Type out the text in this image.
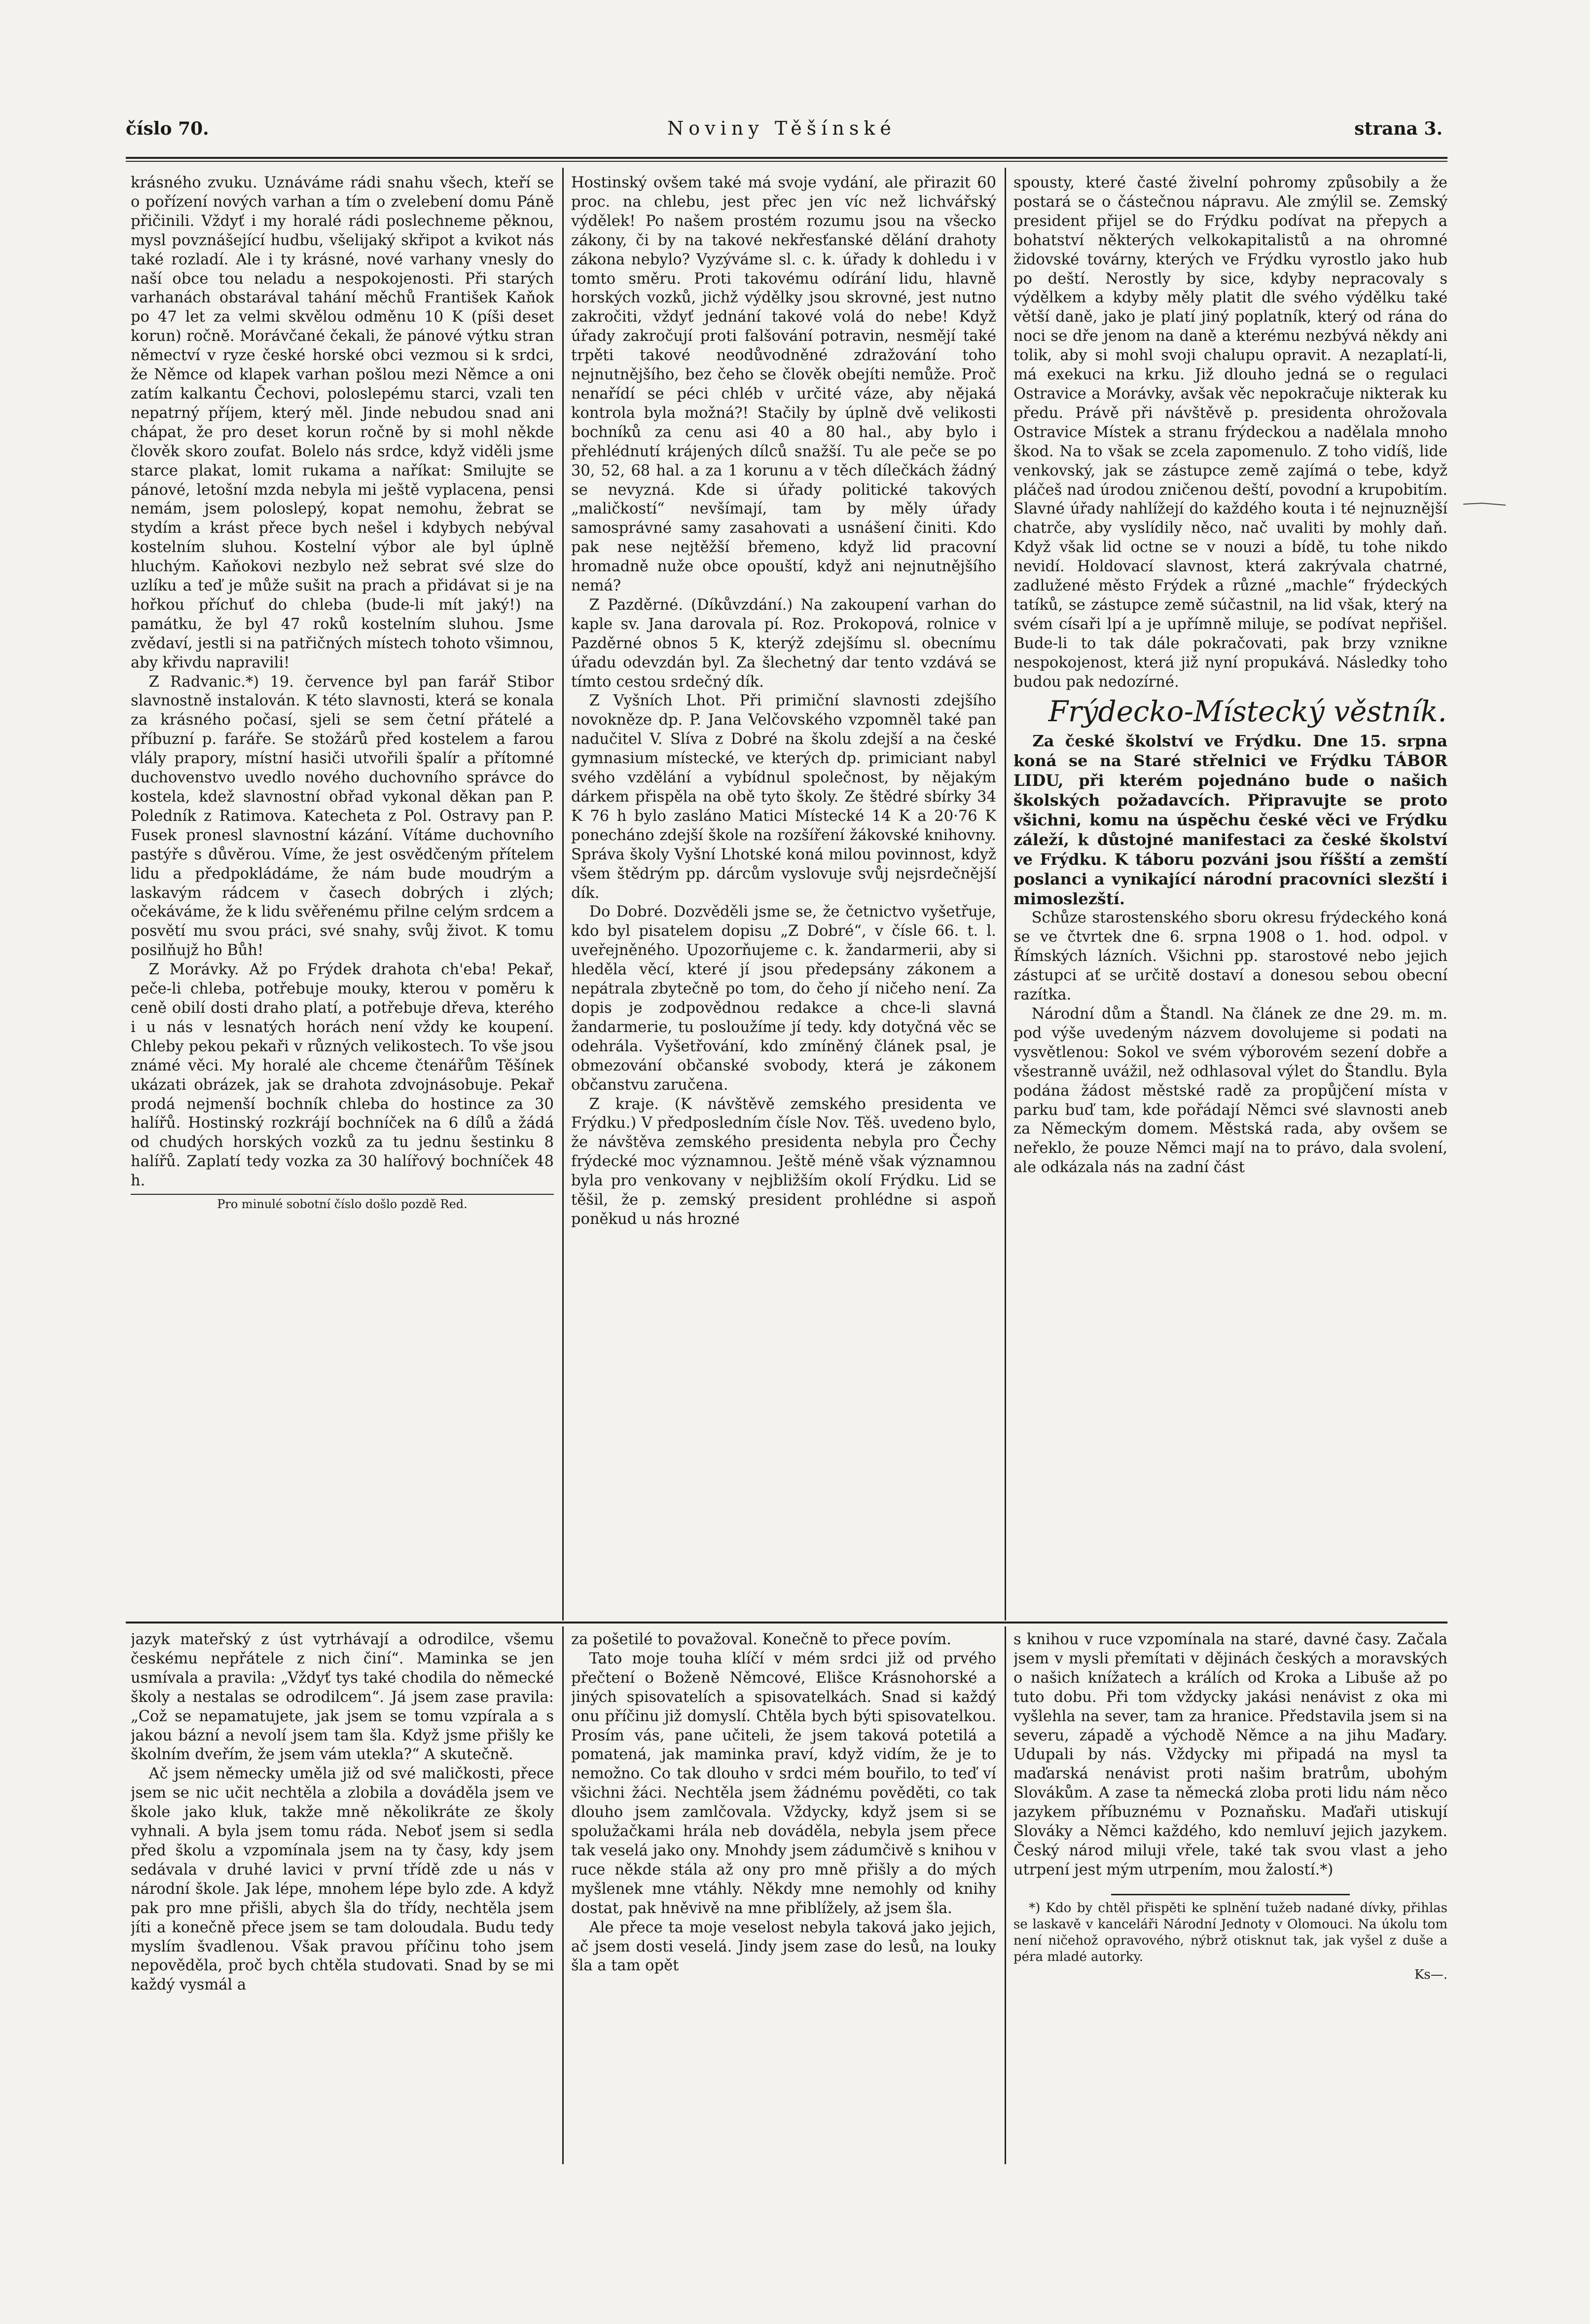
číslo 70.	Noviny Těšínské	strana 3.

krásného zvuku. Uznáváme rádi snahu všech, kteří se o pořízení nových varhan a tím o zvelebení domu Páně přičinili. Vždyť i my horalé rádi poslechneme pěknou, mysl povznášející hudbu, všelijaký skřipot a kvikot nás také rozladí. Ale i ty krásné, nové varhany vnesly do naší obce tou neladu a nespokojenosti. Při starých varhanách obstarával tahání měchů František Kaňok po 47 let za velmi skvělou odměnu 10 K (píši deset korun) ročně. Morávčané čekali, že pánové výtku stran němectví v ryze české horské obci vezmou si k srdci, že Němce od klapek varhan pošlou mezi Němce a oni zatím kalkantu Čechovi, poloslepému starci, vzali ten nepatrný příjem, který měl. Jinde nebudou snad ani chápat, že pro deset korun ročně by si mohl někde člověk skoro zoufat. Bolelo nás srdce, když viděli jsme starce plakat, lomit rukama a naříkat: Smilujte se pánové, letošní mzda nebyla mi ještě vyplacena, pensi nemám, jsem poloslepý, kopat nemohu, žebrat se stydím a krást přece bych nešel i kdybych nebýval kostelním sluhou. Kostelní výbor ale byl úplně hluchým. Kaňokovi nezbylo než sebrat své slze do uzlíku a teď je může sušit na prach a přidávat si je na hořkou příchuť do chleba (bude-li mít jaký!) na památku, že byl 47 roků kostelním sluhou. Jsme zvědaví, jestli si na patřičných místech tohoto všimnou, aby křivdu napravili!

Z Radvanic.*) 19. července byl pan farář Stibor slavnostně instalován. K této slavnosti, která se konala za krásného počasí, sjeli se sem četní přátelé a příbuzní p. faráře. Se stožárů před kostelem a farou vlály prapory, místní hasiči utvořili špalír a přítomné duchovenstvo uvedlo nového duchovního správce do kostela, kdež slavnostní obřad vykonal děkan pan P. Poledník z Ratimova. Katecheta z Pol. Ostravy pan P. Fusek pronesl slavnostní kázání. Vítáme duchovního pastýře s důvěrou. Víme, že jest osvědčeným přítelem lidu a předpokládáme, že nám bude moudrým a laskavým rádcem v časech dobrých i zlých; očekáváme, že k lidu svěřenému přilne celým srdcem a posvětí mu svou práci, své snahy, svůj život. K tomu posilňujž ho Bůh!

Z Morávky. Až po Frýdek drahota ch'eba! Pekař, peče-li chleba, potřebuje mouky, kterou v poměru k ceně obilí dosti draho platí, a potřebuje dřeva, kterého i u nás v lesnatých horách není vždy ke koupení. Chleby pekou pekaři v různých velikostech. To vše jsou známé věci. My horalé ale chceme čtenářům Těšínek ukázati obrázek, jak se drahota zdvojnásobuje. Pekař prodá nejmenší bochník chleba do hostince za 30 halířů. Hostinský rozkrájí bochníček na 6 dílů a žádá od chudých horských vozků za tu jednu šestinku 8 halířů. Zaplatí tedy vozka za 30 halířový bochníček 48 h.

Pro minulé sobotní číslo došlo pozdě Red.

Hostinský ovšem také má svoje vydání, ale přirazit 60 proc. na chlebu, jest přec jen víc než lichvářský výdělek! Po našem prostém rozumu jsou na všecko zákony, či by na takové nekřesťanské dělání drahoty zákona nebylo? Vyzýváme sl. c. k. úřady k dohledu i v tomto směru. Proti takovému odírání lidu, hlavně horských vozků, jichž výdělky jsou skrovné, jest nutno zakročiti, vždyť jednání takové volá do nebe! Když úřady zakročují proti falšování potravin, nesmějí také trpěti takové neodůvodněné zdražování toho nejnutnějšího, bez čeho se člověk obejíti nemůže. Proč nenařídí se péci chléb v určité váze, aby nějaká kontrola byla možná?! Stačily by úplně dvě velikosti bochníků za cenu asi 40 a 80 hal., aby bylo i přehlédnutí krájených dílců snažší. Tu ale peče se po 30, 52, 68 hal. a za 1 korunu a v těch dílečkách žádný se nevyzná. Kde si úřady politické takových „maličkostí“ nevšímají, tam by měly úřady samosprávné samy zasahovati a usnášení činiti. Kdo pak nese nejtěžší břemeno, když lid pracovní hromadně nuže obce opouští, když ani nejnutnějšího nemá?

Z Pazděrné. (Díkůvzdání.) Na zakoupení varhan do kaple sv. Jana darovala pí. Roz. Prokopová, rolnice v Pazděrné obnos 5 K, kterýž zdejšímu sl. obecnímu úřadu odevzdán byl. Za šlechetný dar tento vzdává se tímto cestou srdečný dík.

Z Vyšních Lhot. Při primiční slavnosti zdejšího novokněze dp. P. Jana Velčovského vzpomněl také pan nadučitel V. Slíva z Dobré na školu zdejší a na české gymnasium místecké, ve kterých dp. primiciant nabyl svého vzdělání a vybídnul společnost, by nějakým dárkem přispěla na obě tyto školy. Ze štědré sbírky 34 K 76 h bylo zasláno Matici Místecké 14 K a 20·76 K ponecháno zdejší škole na rozšíření žákovské knihovny. Správa školy Vyšní Lhotské koná milou povinnost, když všem štědrým pp. dárcům vyslovuje svůj nejsrdečnější dík.

Do Dobré. Dozvěděli jsme se, že četnictvo vyšetřuje, kdo byl pisatelem dopisu „Z Dobré“, v čísle 66. t. l. uveřejněného. Upozorňujeme c. k. žandarmerii, aby si hleděla věcí, které jí jsou předepsány zákonem a nepátrala zbytečně po tom, do čeho jí ničeho není. Za dopis je zodpovědnou redakce a chce-li slavná žandarmerie, tu posloužíme jí tedy. kdy dotyčná věc se odehrála. Vyšetřování, kdo zmíněný článek psal, je obmezování občanské svobody, která je zákonem občanstvu zaručena.

Z kraje. (K návštěvě zemského presidenta ve Frýdku.) V předposledním čísle Nov. Těš. uvedeno bylo, že návštěva zemského presidenta nebyla pro Čechy frýdecké moc významnou. Ještě méně však významnou byla pro venkovany v nejbližším okolí Frýdku. Lid se těšil, že p. zemský president prohlédne si aspoň poněkud u nás hrozné

spousty, které časté živelní pohromy způsobily a že postará se o částečnou nápravu. Ale zmýlil se. Zemský president přijel se do Frýdku podívat na přepych a bohatství některých velkokapitalistů a na ohromné židovské továrny, kterých ve Frýdku vyrostlo jako hub po deští. Nerostly by sice, kdyby nepracovaly s výdělkem a kdyby měly platit dle svého výdělku také větší daně, jako je platí jiný poplatník, který od rána do noci se dře jenom na daně a kterému nezbývá někdy ani tolik, aby si mohl svoji chalupu opravit. A nezaplatí-li, má exekuci na krku. Již dlouho jedná se o regulaci Ostravice a Morávky, avšak věc nepokračuje nikterak ku předu. Právě při návštěvě p. presidenta ohrožovala Ostravice Místek a stranu frýdeckou a nadělala mnoho škod. Na to však se zcela zapomenulo. Z toho vidíš, lide venkovský, jak se zástupce země zajímá o tebe, když pláčeš nad úrodou zničenou deští, povodní a krupobitím. Slavné úřady nahlížejí do každého kouta i té nejnuznější chatrče, aby vyslídily něco, nač uvaliti by mohly daň. Když však lid octne se v nouzi a bídě, tu tohe nikdo nevidí. Holdovací slavnost, která zakrývala chatrné, zadlužené město Frýdek a různé „machle“ frýdeckých tatíků, se zástupce země súčastnil, na lid však, který na svém císaři lpí a je upřímně miluje, se podívat nepřišel. Bude-li to tak dále pokračovati, pak brzy vznikne nespokojenost, která již nyní propukává. Následky toho budou pak nedozírné.

Frýdecko-Místecký věstník.

Za české školství ve Frýdku. Dne 15. srpna koná se na Staré střelnici ve Frýdku TÁBOR LIDU, při kterém pojednáno bude o našich školských požadavcích. Připravujte se proto všichni, komu na úspěchu české věci ve Frýdku záleží, k důstojné manifestaci za české školství ve Frýdku. K táboru pozváni jsou říšští a zemští poslanci a vynikající národní pracovníci slezští i mimoslezští.

Schůze starostenského sboru okresu frýdeckého koná se ve čtvrtek dne 6. srpna 1908 o 1. hod. odpol. v Římských lázních. Všichni pp. starostové nebo jejich zástupci ať se určitě dostaví a donesou sebou obecní razítka.

Národní dům a Štandl. Na článek ze dne 29. m. m. pod výše uvedeným názvem dovolujeme si podati na vysvětlenou: Sokol ve svém výborovém sezení dobře a všestranně uvážil, než odhlasoval výlet do Štandlu. Byla podána žádost městské radě za propůjčení místa v parku buď tam, kde pořádají Němci své slavnosti aneb za Německým domem. Městská rada, aby ovšem se neřeklo, že pouze Němci mají na to právo, dala svolení, ale odkázala nás na zadní část

jazyk mateřský z úst vytrhávají a odrodilce, všemu českému nepřátele z nich činí“. Maminka se jen usmívala a pravila: „Vždyť tys také chodila do německé školy a nestalas se odrodilcem“. Já jsem zase pravila: „Což se nepamatujete, jak jsem se tomu vzpírala a s jakou bázní a nevolí jsem tam šla. Když jsme přišly ke školním dveřím, že jsem vám utekla?“ A skutečně.

Ač jsem německy uměla již od své maličkosti, přece jsem se nic učit nechtěla a zlobila a dováděla jsem ve škole jako kluk, takže mně několikráte ze školy vyhnali. A byla jsem tomu ráda. Neboť jsem si sedla před školu a vzpomínala jsem na ty časy, kdy jsem sedávala v druhé lavici v první třídě zde u nás v národní škole. Jak lépe, mnohem lépe bylo zde. A když pak pro mne přišli, abych šla do třídy, nechtěla jsem jíti a konečně přece jsem se tam doloudala. Budu tedy myslím švadlenou. Však pravou příčinu toho jsem nepověděla, proč bych chtěla studovati. Snad by se mi každý vysmál a

za pošetilé to považoval. Konečně to přece povím.

Tato moje touha klíčí v mém srdci již od prvého přečtení o Boženě Němcové, Elišce Krásnohorské a jiných spisovatelích a spisovatelkách. Snad si každý onu příčinu již domyslí. Chtěla bych býti spisovatelkou. Prosím vás, pane učiteli, že jsem taková potetilá a pomatená, jak maminka praví, když vidím, že je to nemožno. Co tak dlouho v srdci mém bouřilo, to teď ví všichni žáci. Nechtěla jsem žádnému pověděti, co tak dlouho jsem zamlčovala. Vždycky, když jsem si se spolužačkami hrála neb dováděla, nebyla jsem přece tak veselá jako ony. Mnohdy jsem zádumčivě s knihou v ruce někde stála až ony pro mně přišly a do mých myšlenek mne vtáhly. Někdy mne nemohly od knihy dostat, pak hněvivě na mne přiblížely, až jsem šla.

Ale přece ta moje veselost nebyla taková jako jejich, ač jsem dosti veselá. Jindy jsem zase do lesů, na louky šla a tam opět

s knihou v ruce vzpomínala na staré, davné časy. Začala jsem v mysli přemítati v dějinách českých a moravských o našich knížatech a králích od Kroka a Libuše až po tuto dobu. Při tom vždycky jakási nenávist z oka mi vyšlehla na sever, tam za hranice. Představila jsem si na severu, západě a východě Němce a na jihu Maďary. Udupali by nás. Vždycky mi připadá na mysl ta maďarská nenávist proti našim bratrům, ubohým Slovákům. A zase ta německá zloba proti lidu nám něco jazykem příbuznému v Poznaňsku. Maďaři utiskují Slováky a Němci každého, kdo nemluví jejich jazykem. Český národ miluji vřele, také tak svou vlast a jeho utrpení jest mým utrpením, mou žalostí.*)

*) Kdo by chtěl přispěti ke splnění tužeb nadané dívky, přihlas se laskavě v kanceláři Národní Jednoty v Olomouci. Na úkolu tom není ničehož opravového, nýbrž otisknut tak, jak vyšel z duše a péra mladé autorky.

Ks—.
